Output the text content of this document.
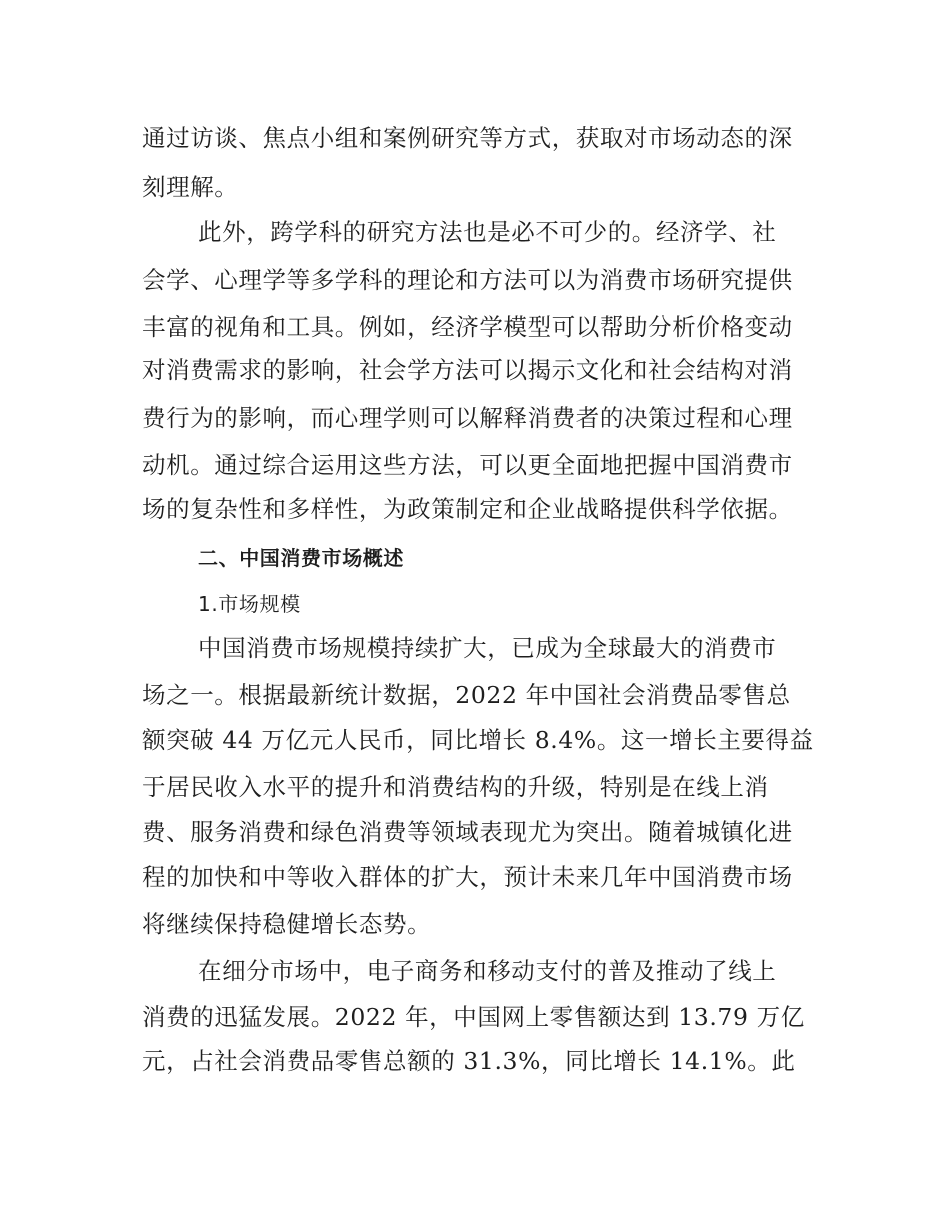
通过访谈、焦点小组和案例研究等方式，获取对市场动态的深
刻理解。
此外，跨学科的研究方法也是必不可少的。经济学、社
会学、心理学等多学科的理论和方法可以为消费市场研究提供
丰富的视角和工具。例如，经济学模型可以帮助分析价格变动
对消费需求的影响，社会学方法可以揭示文化和社会结构对消
费行为的影响，而心理学则可以解释消费者的决策过程和心理
动机。通过综合运用这些方法，可以更全面地把握中国消费市
场的复杂性和多样性，为政策制定和企业战略提供科学依据。
二、中国消费市场概述
1.市场规模
中国消费市场规模持续扩大，已成为全球最大的消费市
场之一。根据最新统计数据，2022 年中国社会消费品零售总
额突破 44 万亿元人民币，同比增长 8.4%。这一增长主要得益
于居民收入水平的提升和消费结构的升级，特别是在线上消
费、服务消费和绿色消费等领域表现尤为突出。随着城镇化进
程的加快和中等收入群体的扩大，预计未来几年中国消费市场
将继续保持稳健增长态势。
在细分市场中，电子商务和移动支付的普及推动了线上
消费的迅猛发展。2022 年，中国网上零售额达到 13.79 万亿
元，占社会消费品零售总额的 31.3%，同比增长 14.1%。此
